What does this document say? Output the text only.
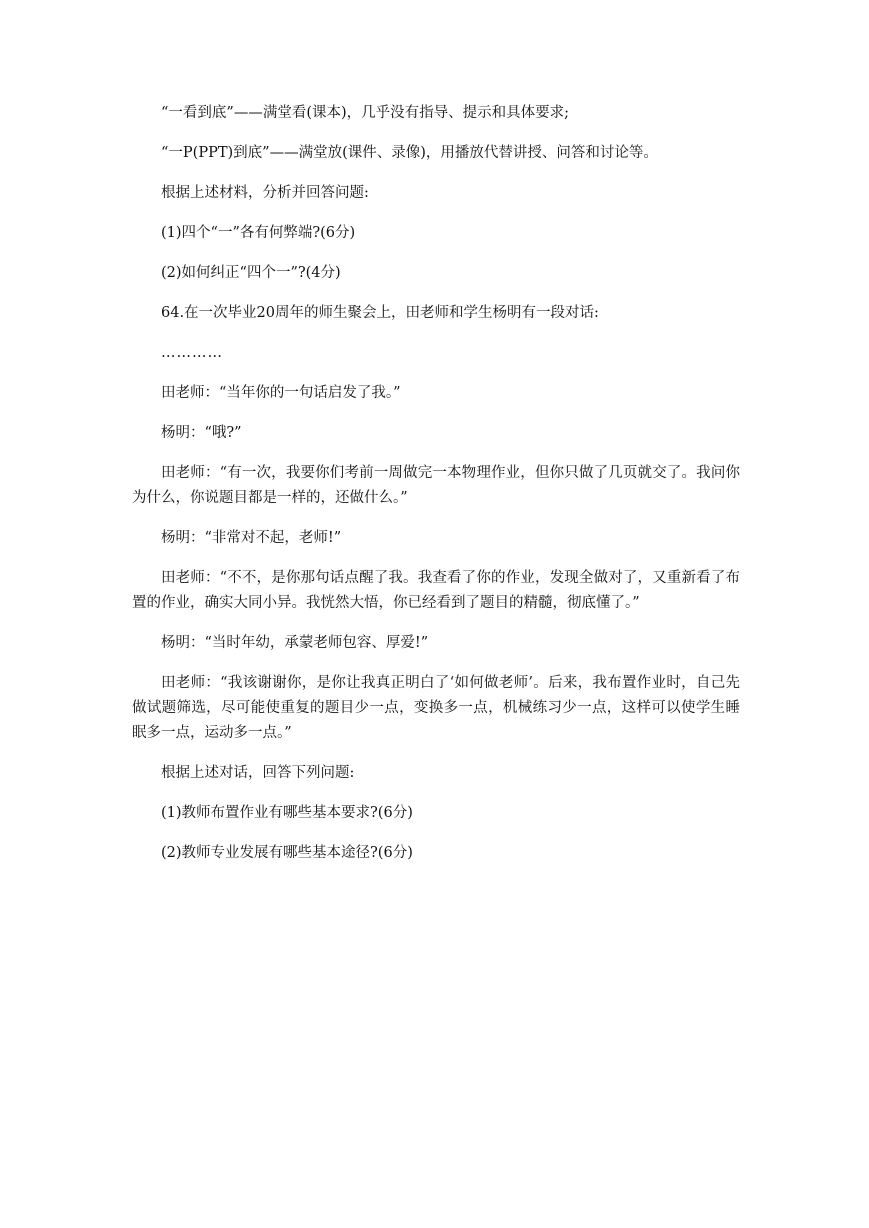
“一看到底”——满堂看(课本)，几乎没有指导、提示和具体要求;

“一P(PPT)到底”——满堂放(课件、录像)，用播放代替讲授、问答和讨论等。

根据上述材料，分析并回答问题:

(1)四个“一”各有何弊端?(6分)

(2)如何纠正“四个一”?(4分)

64.在一次毕业20周年的师生聚会上，田老师和学生杨明有一段对话:

…………

田老师：“当年你的一句话启发了我。”

杨明：“哦?”

田老师：“有一次，我要你们考前一周做完一本物理作业，但你只做了几页就交了。我问你为什么，你说题目都是一样的，还做什么。”

杨明：“非常对不起，老师!”

田老师：“不不，是你那句话点醒了我。我查看了你的作业，发现全做对了，又重新看了布置的作业，确实大同小异。我恍然大悟，你已经看到了题目的精髓，彻底懂了。”

杨明：“当时年幼，承蒙老师包容、厚爱!”

田老师：“我该谢谢你，是你让我真正明白了‘如何做老师’。后来，我布置作业时，自己先做试题筛选，尽可能使重复的题目少一点，变换多一点，机械练习少一点，这样可以使学生睡眠多一点，运动多一点。”

根据上述对话，回答下列问题:

(1)教师布置作业有哪些基本要求?(6分)

(2)教师专业发展有哪些基本途径?(6分)
